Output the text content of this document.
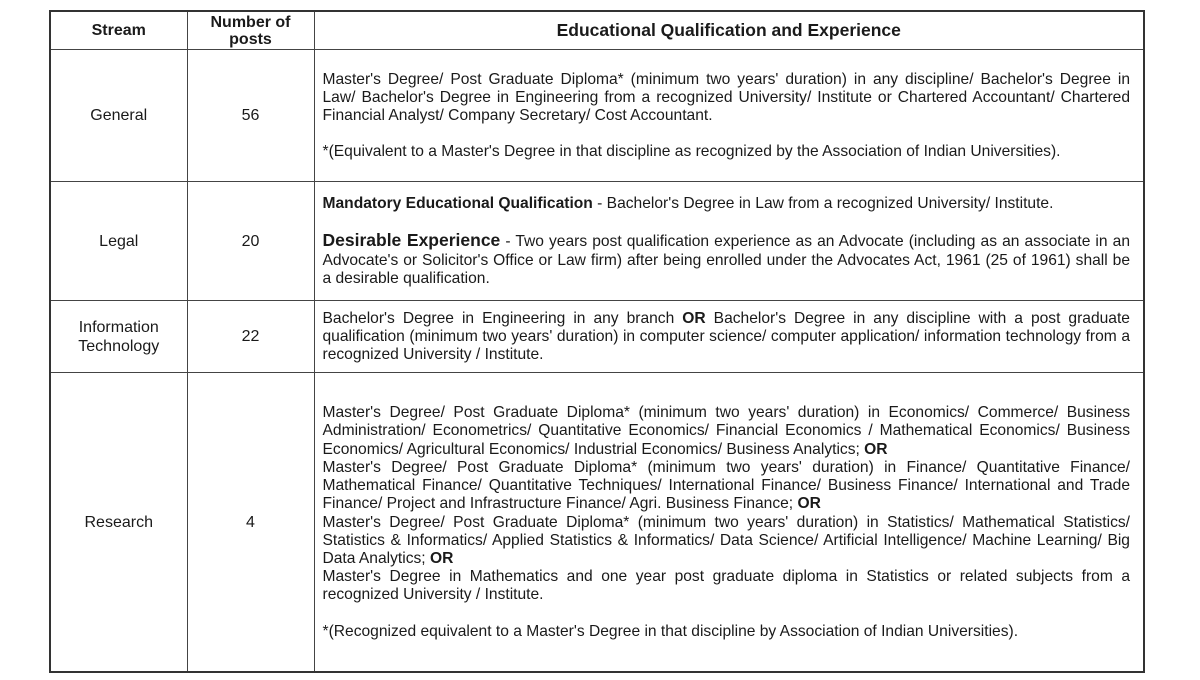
Stream	Number of posts	Educational Qualification and Experience
General	56	Master's Degree/ Post Graduate Diploma* (minimum two years' duration) in any discipline/ Bachelor's Degree in Law/ Bachelor's Degree in Engineering from a recognized University/ Institute or Chartered Accountant/ Chartered Financial Analyst/ Company Secretary/ Cost Accountant.

*(Equivalent to a Master's Degree in that discipline as recognized by the Association of Indian Universities).

Legal	20	Mandatory Educational Qualification - Bachelor's Degree in Law from a recognized University/ Institute.

Desirable Experience - Two years post qualification experience as an Advocate (including as an associate in an Advocate's or Solicitor's Office or Law firm) after being enrolled under the Advocates Act, 1961 (25 of 1961) shall be a desirable qualification.

Information Technology	22	Bachelor's Degree in Engineering in any branch OR Bachelor's Degree in any discipline with a post graduate qualification (minimum two years' duration) in computer science/ computer application/ information technology from a recognized University / Institute.

Research	4	Master's Degree/ Post Graduate Diploma* (minimum two years' duration) in Economics/ Commerce/ Business Administration/ Econometrics/ Quantitative Economics/ Financial Economics / Mathematical Economics/ Business Economics/ Agricultural Economics/ Industrial Economics/ Business Analytics; OR

Master's Degree/ Post Graduate Diploma* (minimum two years' duration) in Finance/ Quantitative Finance/ Mathematical Finance/ Quantitative Techniques/ International Finance/ Business Finance/ International and Trade Finance/ Project and Infrastructure Finance/ Agri. Business Finance; OR

Master's Degree/ Post Graduate Diploma* (minimum two years' duration) in Statistics/ Mathematical Statistics/ Statistics & Informatics/ Applied Statistics & Informatics/ Data Science/ Artificial Intelligence/ Machine Learning/ Big Data Analytics; OR

Master's Degree in Mathematics and one year post graduate diploma in Statistics or related subjects from a recognized University / Institute.

*(Recognized equivalent to a Master's Degree in that discipline by Association of Indian Universities).
